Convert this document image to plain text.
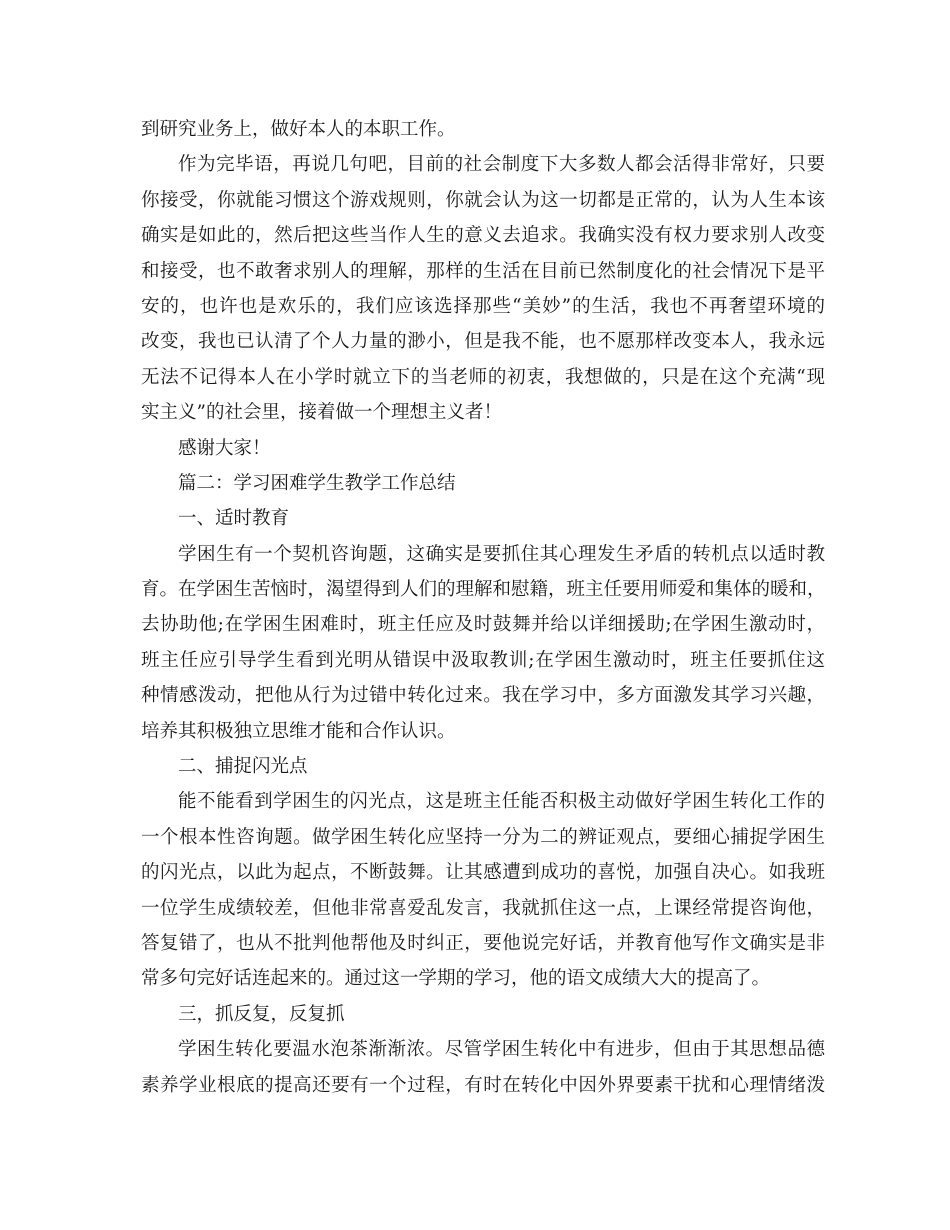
到研究业务上，做好本人的本职工作。
作为完毕语，再说几句吧，目前的社会制度下大多数人都会活得非常好，只要
你接受，你就能习惯这个游戏规则，你就会认为这一切都是正常的，认为人生本该
确实是如此的，然后把这些当作人生的意义去追求。我确实没有权力要求别人改变
和接受，也不敢奢求别人的理解，那样的生活在目前已然制度化的社会情况下是平
安的，也许也是欢乐的，我们应该选择那些“美妙”的生活，我也不再奢望环境的
改变，我也已认清了个人力量的渺小，但是我不能，也不愿那样改变本人，我永远
无法不记得本人在小学时就立下的当老师的初衷，我想做的，只是在这个充满“现
实主义”的社会里，接着做一个理想主义者！
感谢大家！
篇二：学习困难学生教学工作总结
一、适时教育
学困生有一个契机咨询题，这确实是要抓住其心理发生矛盾的转机点以适时教
育。在学困生苦恼时，渴望得到人们的理解和慰籍，班主任要用师爱和集体的暖和，
去协助他;在学困生困难时，班主任应及时鼓舞并给以详细援助;在学困生激动时，
班主任应引导学生看到光明从错误中汲取教训;在学困生激动时，班主任要抓住这
种情感泼动，把他从行为过错中转化过来。我在学习中，多方面激发其学习兴趣，
培养其积极独立思维才能和合作认识。
二、捕捉闪光点
能不能看到学困生的闪光点，这是班主任能否积极主动做好学困生转化工作的
一个根本性咨询题。做学困生转化应坚持一分为二的辨证观点，要细心捕捉学困生
的闪光点，以此为起点，不断鼓舞。让其感遭到成功的喜悦，加强自决心。如我班
一位学生成绩较差，但他非常喜爱乱发言，我就抓住这一点，上课经常提咨询他，
答复错了，也从不批判他帮他及时纠正，要他说完好话，并教育他写作文确实是非
常多句完好话连起来的。通过这一学期的学习，他的语文成绩大大的提高了。
三，抓反复，反复抓
学困生转化要温水泡茶渐渐浓。尽管学困生转化中有进步，但由于其思想品德
素养学业根底的提高还要有一个过程，有时在转化中因外界要素干扰和心理情绪泼
